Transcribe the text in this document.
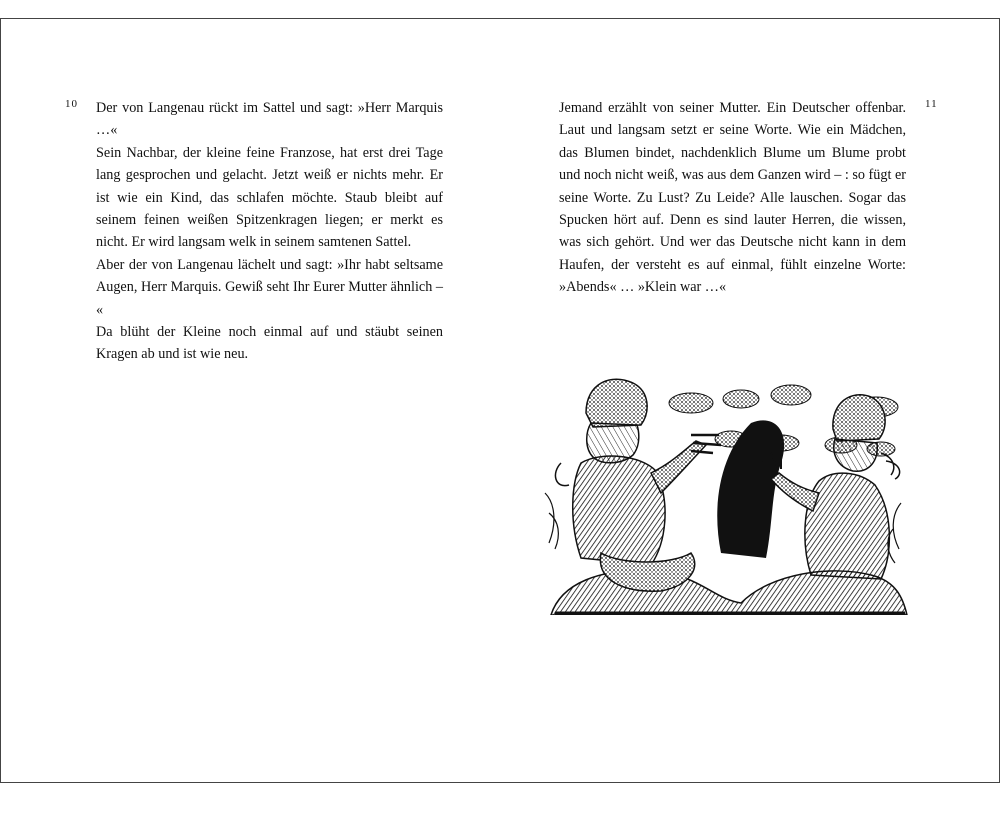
10 Der von Langenau rückt im Sattel und sagt: »Herr Marquis …«

Sein Nachbar, der kleine feine Franzose, hat erst drei Tage lang gesprochen und gelacht. Jetzt weiß er nichts mehr. Er ist wie ein Kind, das schlafen möchte. Staub bleibt auf seinem feinen weißen Spitzenkragen liegen; er merkt es nicht. Er wird langsam welk in seinem samtenen Sattel.

Aber der von Langenau lächelt und sagt: »Ihr habt seltsame Augen, Herr Marquis. Gewiß seht Ihr Eurer Mutter ähnlich – «

Da blüht der Kleine noch einmal auf und stäubt seinen Kragen ab und ist wie neu.

11

Jemand erzählt von seiner Mutter. Ein Deutscher offenbar. Laut und langsam setzt er seine Worte. Wie ein Mädchen, das Blumen bindet, nachdenklich Blume um Blume probt und noch nicht weiß, was aus dem Ganzen wird – : so fügt er seine Worte. Zu Lust? Zu Leide? Alle lauschen. Sogar das Spucken hört auf. Denn es sind lauter Herren, die wissen, was sich gehört. Und wer das Deutsche nicht kann in dem Haufen, der versteht es auf einmal, fühlt einzelne Worte: »Abends« … »Klein war …«
